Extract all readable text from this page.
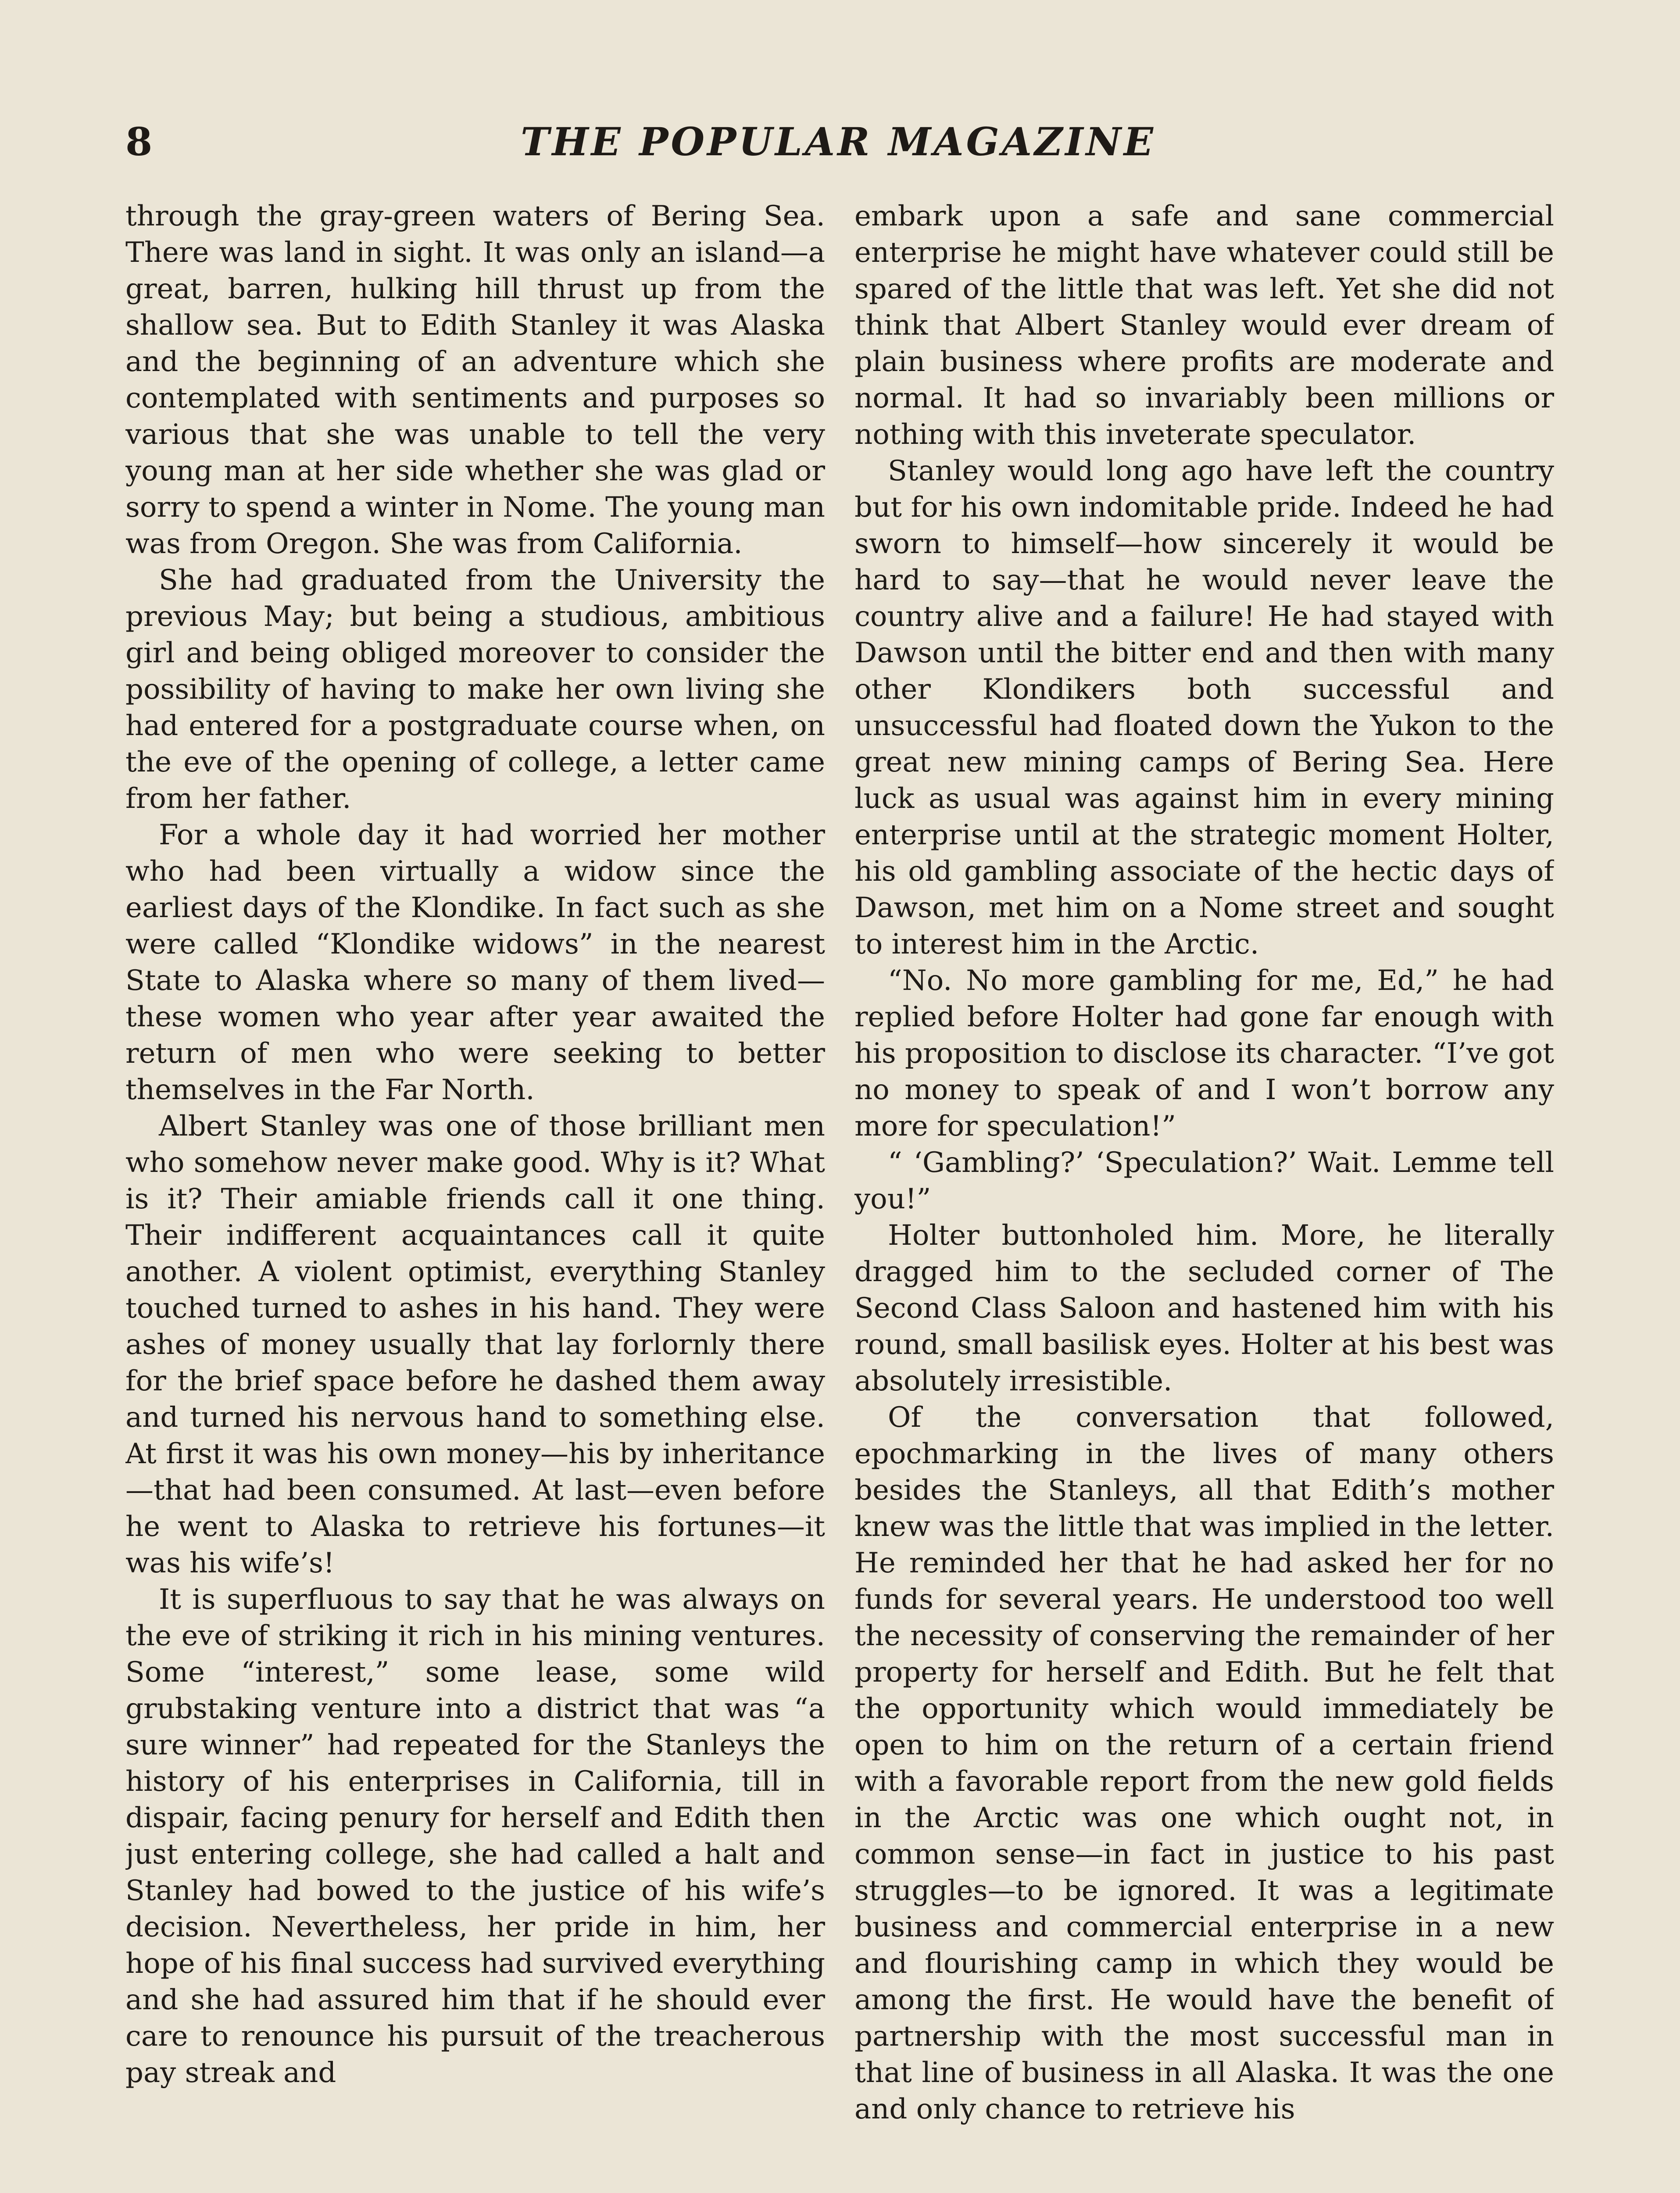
8	THE POPULAR MAGAZINE

through the gray-green waters of Bering Sea. There was land in sight. It was only an island—a great, barren, hulking hill thrust up from the shallow sea. But to Edith Stanley it was Alaska and the beginning of an adventure which she contemplated with sentiments and purposes so various that she was unable to tell the very young man at her side whether she was glad or sorry to spend a winter in Nome. The young man was from Oregon. She was from California.

She had graduated from the University the previous May; but being a studious, ambitious girl and being obliged moreover to consider the possibility of having to make her own living she had entered for a postgraduate course when, on the eve of the opening of college, a letter came from her father.

For a whole day it had worried her mother who had been virtually a widow since the earliest days of the Klondike. In fact such as she were called “Klondike widows” in the nearest State to Alaska where so many of them lived—these women who year after year awaited the return of men who were seeking to better themselves in the Far North.

Albert Stanley was one of those brilliant men who somehow never make good. Why is it? What is it? Their amiable friends call it one thing. Their indifferent acquaintances call it quite another. A violent optimist, everything Stanley touched turned to ashes in his hand. They were ashes of money usually that lay forlornly there for the brief space before he dashed them away and turned his nervous hand to something else. At first it was his own money—his by inheritance—that had been consumed. At last—even before he went to Alaska to retrieve his fortunes—it was his wife’s!

It is superfluous to say that he was always on the eve of striking it rich in his mining ventures. Some “interest,” some lease, some wild grubstaking venture into a district that was “a sure winner” had repeated for the Stanleys the history of his enterprises in California, till in dispair, facing penury for herself and Edith then just entering college, she had called a halt and Stanley had bowed to the justice of his wife’s decision. Nevertheless, her pride in him, her hope of his final success had survived everything and she had assured him that if he should ever care to renounce his pursuit of the treacherous pay streak and

embark upon a safe and sane commercial enterprise he might have whatever could still be spared of the little that was left. Yet she did not think that Albert Stanley would ever dream of plain business where profits are moderate and normal. It had so invariably been millions or nothing with this inveterate speculator.

Stanley would long ago have left the country but for his own indomitable pride. Indeed he had sworn to himself—how sincerely it would be hard to say—that he would never leave the country alive and a failure! He had stayed with Dawson until the bitter end and then with many other Klondikers both successful and unsuccessful had floated down the Yukon to the great new mining camps of Bering Sea. Here luck as usual was against him in every mining enterprise until at the strategic moment Holter, his old gambling associate of the hectic days of Dawson, met him on a Nome street and sought to interest him in the Arctic.

“No. No more gambling for me, Ed,” he had replied before Holter had gone far enough with his proposition to disclose its character. “I’ve got no money to speak of and I won’t borrow any more for speculation!”

“ ‘Gambling?’ ‘Speculation?’ Wait. Lemme tell you!”

Holter buttonholed him. More, he literally dragged him to the secluded corner of The Second Class Saloon and hastened him with his round, small basilisk eyes. Holter at his best was absolutely irresistible.

Of the conversation that followed, epochmarking in the lives of many others besides the Stanleys, all that Edith’s mother knew was the little that was implied in the letter. He reminded her that he had asked her for no funds for several years. He understood too well the necessity of conserving the remainder of her property for herself and Edith. But he felt that the opportunity which would immediately be open to him on the return of a certain friend with a favorable report from the new gold fields in the Arctic was one which ought not, in common sense—in fact in justice to his past struggles—to be ignored. It was a legitimate business and commercial enterprise in a new and flourishing camp in which they would be among the first. He would have the benefit of partnership with the most successful man in that line of business in all Alaska. It was the one and only chance to retrieve his
